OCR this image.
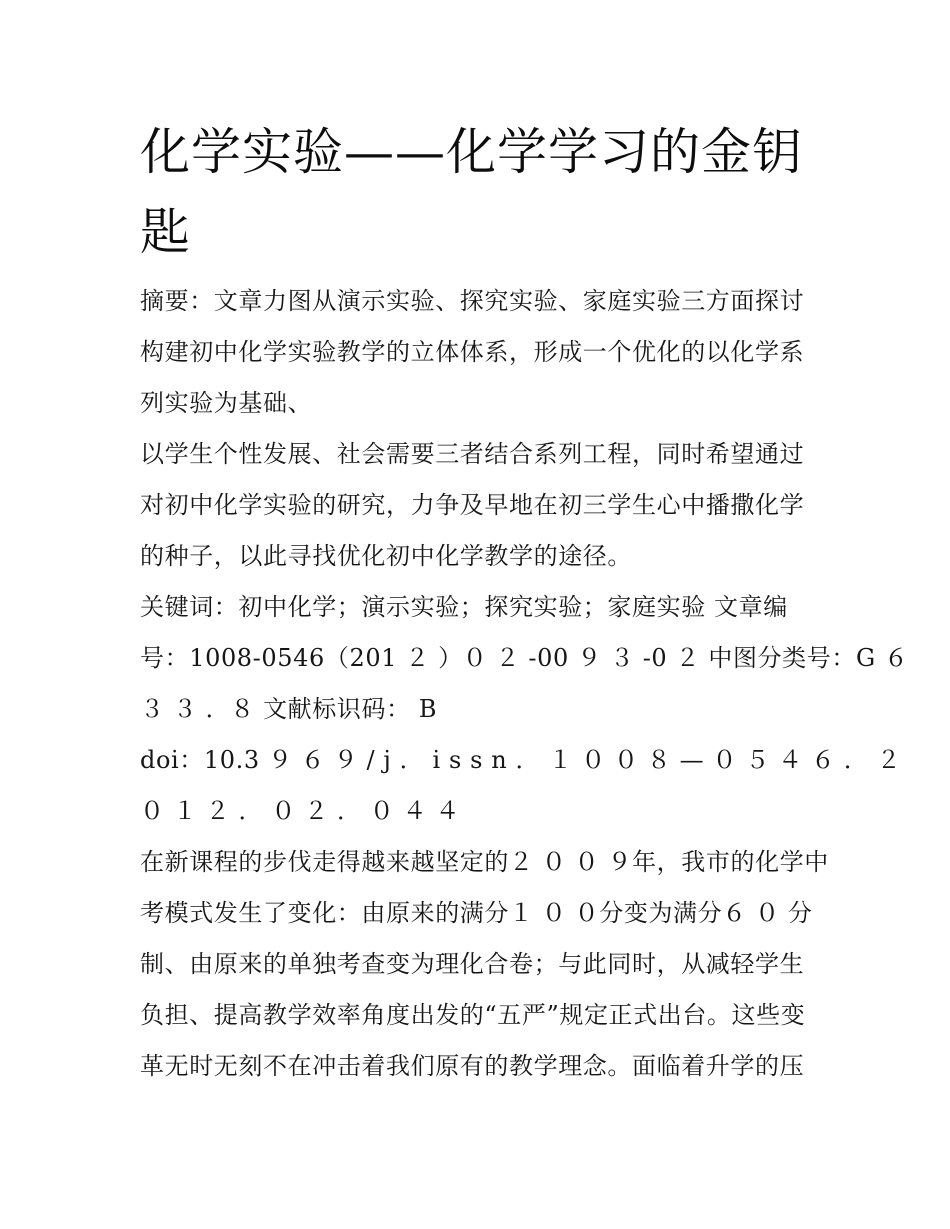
化学实验——化学学习的金钥匙
摘要：文章力图从演示实验、探究实验、家庭实验三方面探讨
构建初中化学实验教学的立体体系，形成一个优化的以化学系
列实验为基础、
以学生个性发展、社会需要三者结合系列工程，同时希望通过
对初中化学实验的研究，力争及早地在初三学生心中播撒化学
的种子，以此寻找优化初中化学教学的途径。
关键词：初中化学；演示实验；探究实验；家庭实验 文章编
号：1008-0546（201 ２ ）０ ２ -00 ９ ３ -0 ２ 中图分类号：G ６
３ ３ ．８ 文献标识码： B
doi：10.3 ９ ６ ９ / j ． i s s n ． １ ０ ０ ８ — ０ ５ ４ ６ ． ２
０ １ ２ ． ０ ２ ． ０ ４ ４
在新课程的步伐走得越来越坚定的２ ０ ０ ９年，我市的化学中
考模式发生了变化：由原来的满分１ ０ ０分变为满分６ ０ 分
制、由原来的单独考查变为理化合卷；与此同时，从减轻学生
负担、提高教学效率角度出发的“五严”规定正式出台。这些变
革无时无刻不在冲击着我们原有的教学理念。面临着升学的压
